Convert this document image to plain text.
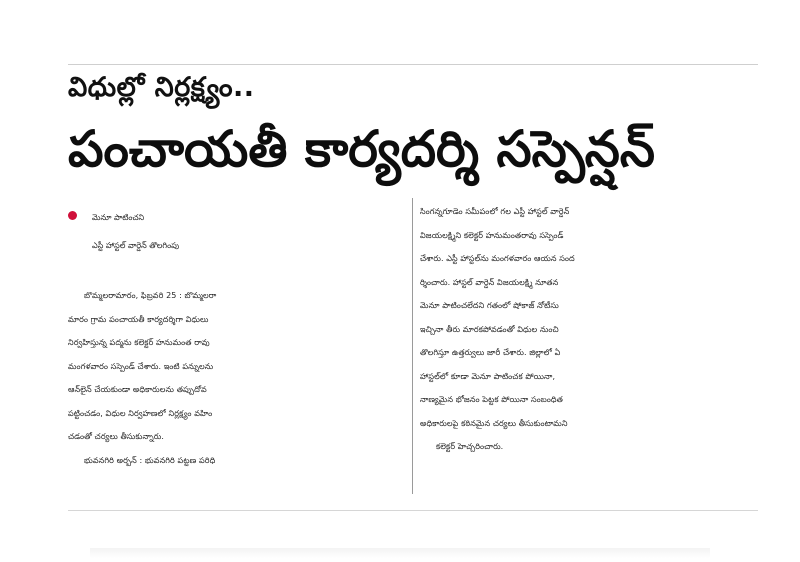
విధుల్లో నిర్లక్ష్యం..
పంచాయతీ కార్యదర్శి సస్పెన్షన్
మెనూ పాటించని
ఎస్టీ హాస్టల్ వార్డెన్ తొలగింపు
బొమ్మలరామారం, ఫిబ్రవరి 25 : బొమ్మలరా
మారం గ్రామ పంచాయతీ కార్యదర్శిగా విధులు
నిర్వహిస్తున్న పద్మను కలెక్టర్ హనుమంత రావు
మంగళవారం సస్పెండ్ చేశారు. ఇంటి పన్నులను
ఆన్‌లైన్ చేయకుండా అధికారులను తప్పుదోవ
పట్టించడం, విధుల నిర్వహణలో నిర్లక్ష్యం వహిం
చడంతో చర్యలు తీసుకున్నారు.
భువనగిరి అర్బన్ : భువనగిరి పట్టణ పరిధి
సింగన్నగూడెం సమీపంలో గల ఎస్టీ హాస్టల్ వార్డెన్
విజయలక్ష్మిని కలెక్టర్ హనుమంతరావు సస్పెండ్
చేశారు. ఎస్టీ హాస్టల్‌ను మంగళవారం ఆయన సంద
ర్శించారు. హాస్టల్ వార్డెన్ విజయలక్ష్మి నూతన
మెనూ పాటించలేదని గతంలో షోకాజ్ నోటీసు
ఇచ్చినా తీరు మారకపోవడంతో విధుల నుంచి
తొలగిస్తూ ఉత్తర్వులు జారీ చేశారు. జిల్లాలో ఏ
హాస్టల్‌లో కూడా మెనూ పాటించక పోయినా,
నాణ్యమైన భోజనం పెట్టక పోయినా సంబంధిత
అధికారులపై కఠినమైన చర్యలు తీసుకుంటామని
కలెక్టర్ హెచ్చరించారు.
